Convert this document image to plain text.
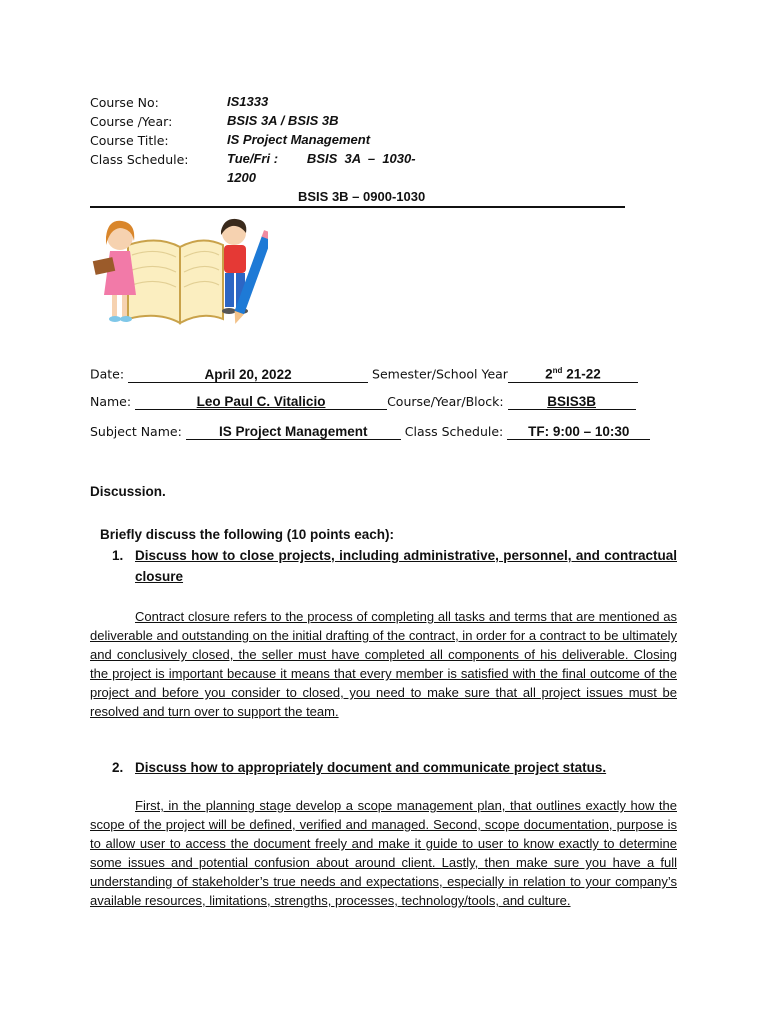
Course No:	IS1333
Course /Year:	BSIS 3A / BSIS 3B
Course Title:	IS Project Management
Class Schedule:	Tue/Fri :        BSIS  3A  –  1030-
1200
BSIS 3B – 0900-1030
Date:	April 20, 2022	Semester/School Year	2nd 21-22
Name:	Leo Paul C. Vitalicio	Course/Year/Block:	BSIS3B
Subject Name: IS Project Management	Class Schedule: TF: 9:00 – 10:30
Discussion.
Briefly discuss the following (10 points each):
1. Discuss how to close projects, including administrative, personnel, and contractual closure
Contract closure refers to the process of completing all tasks and terms that are mentioned as deliverable and outstanding on the initial drafting of the contract, in order for a contract to be ultimately and conclusively closed, the seller must have completed all components of his deliverable. Closing the project is important because it means that every member is satisfied with the final outcome of the project and before you consider to closed, you need to make sure that all project issues must be resolved and turn over to support the team.
2. Discuss how to appropriately document and communicate project status.
First, in the planning stage develop a scope management plan, that outlines exactly how the scope of the project will be defined, verified and managed. Second, scope documentation, purpose is to allow user to access the document freely and make it guide to user to know exactly to determine some issues and potential confusion about around client. Lastly, then make sure you have a full understanding of stakeholder’s true needs and expectations, especially in relation to your company’s available resources, limitations, strengths, processes, technology/tools, and culture.
